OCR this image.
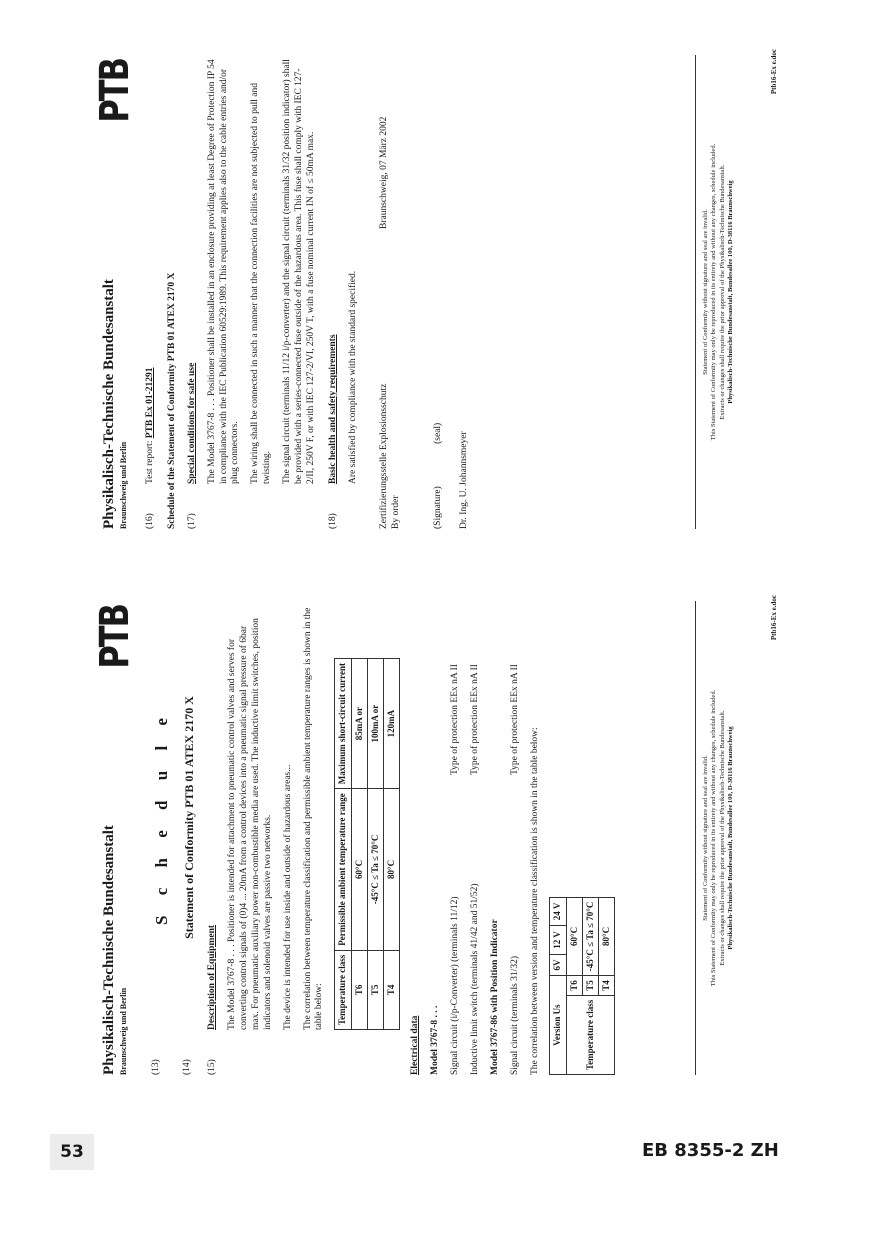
Physikalisch-Technische Bundesanstalt Braunschweig und Berlin
PTB
(13)
S c h e d u l e
(14)
Statement of Conformity PTB 01 ATEX 2170 X
(15)

Description of Equipment The Model 3767-8 . . . Positioner is intended for attachment to pneumatic control valves and serves for converting control signals of (0)4 ... 20mA from a control devices into a pneumatic signal pressure of 6bar max. For pneumatic auxiliary power non-combustible media are used. The inductive limit switches, position indicators and solenoid valves are passive two networks. The device is intended for use inside and outside of hazardous areas... The correlation between temperature classification and permissible ambient temperature ranges is shown in the table below: Temperature class	Permissible ambient temperature range	Maximum short-circuit current
T6	60°C	85mA or
T5	-45°C ≤ Ta ≤ 70°C	100mA or
T4	80°C	120mA

Electrical data Model 3767-8 . . . Signal circuit (i/p-Converter) (terminals 11/12)
Type of protection EEx nA II
Inductive limit switch (terminals 41/42 and 51/52)
Type of protection EEx nA II

Model 3767-86 with Position Indicator Signal circuit (terminals 31/32)
Type of protection EEx nA II

The correlation between version and temperature classification is shown in the table below: Version Us		6V	12 V	24 V
Temperature class	T6	60°C		
	T5	-45°C ≤ Ta ≤ 70°C		
	T4	80°C		
Statement of Conformity without signature and seal are invalid. This Statement of Conformity may only be reproduced in its entirety and without any changes, schedule included. Extracts or changes shall require the prior approval of the Physikalisch-Technische Bundesanstalt. Physikalisch-Technische Bundesanstalt, Bundesallee 100, D-38116 Braunschweig
Ptb16-Ex e.doc
Physikalisch-Technische Bundesanstalt Braunschweig und Berlin
PTB
(16)
Test report: PTB Ex 01-21291 Schedule of the Statement of Conformity PTB 01 ATEX 2170 X (17)

Special conditions for safe use The Model 3767-8 . . . Positioner shall be installed in an enclosure providing at least Degree of Protection IP 54 in compliance with the IEC Publication 60529:1989. This requirement applies also to the cable entries and/or plug connectors. The wiring shall be connected in such a manner that the connection facilities are not subjected to pull and twisting. The signal circuit (terminals 11/12 i/p-converter) and the signal circuit (terminals 31/32 position indicator) shall be provided with a series-connected fuse outside of the hazardous area. This fuse shall comply with IEC 127-2/II, 250V F, or with IEC 127-2/VI, 250V T, with a fuse nominal current IN of ≤ 50mA max.

(18)

Basic health and safety requirements Are satisfied by compliance with the standard specified. Zertifizierungsstelle Explosionsschutz By order
Braunschweig, 07 März 2002
(Signature) (seal) Dr. Ing. U. Johannsmeyer

Statement of Conformity without signature and seal are invalid. This Statement of Conformity may only be reproduced in its entirety and without any changes, schedule included. Extracts or changes shall require the prior approval of the Physikalisch-Technische Bundesanstalt. Physikalisch-Technische Bundesanstalt, Bundesallee 100, D-38116 Braunschweig
Ptb16-Ex e.doc
53	EB 8355-2 ZH
